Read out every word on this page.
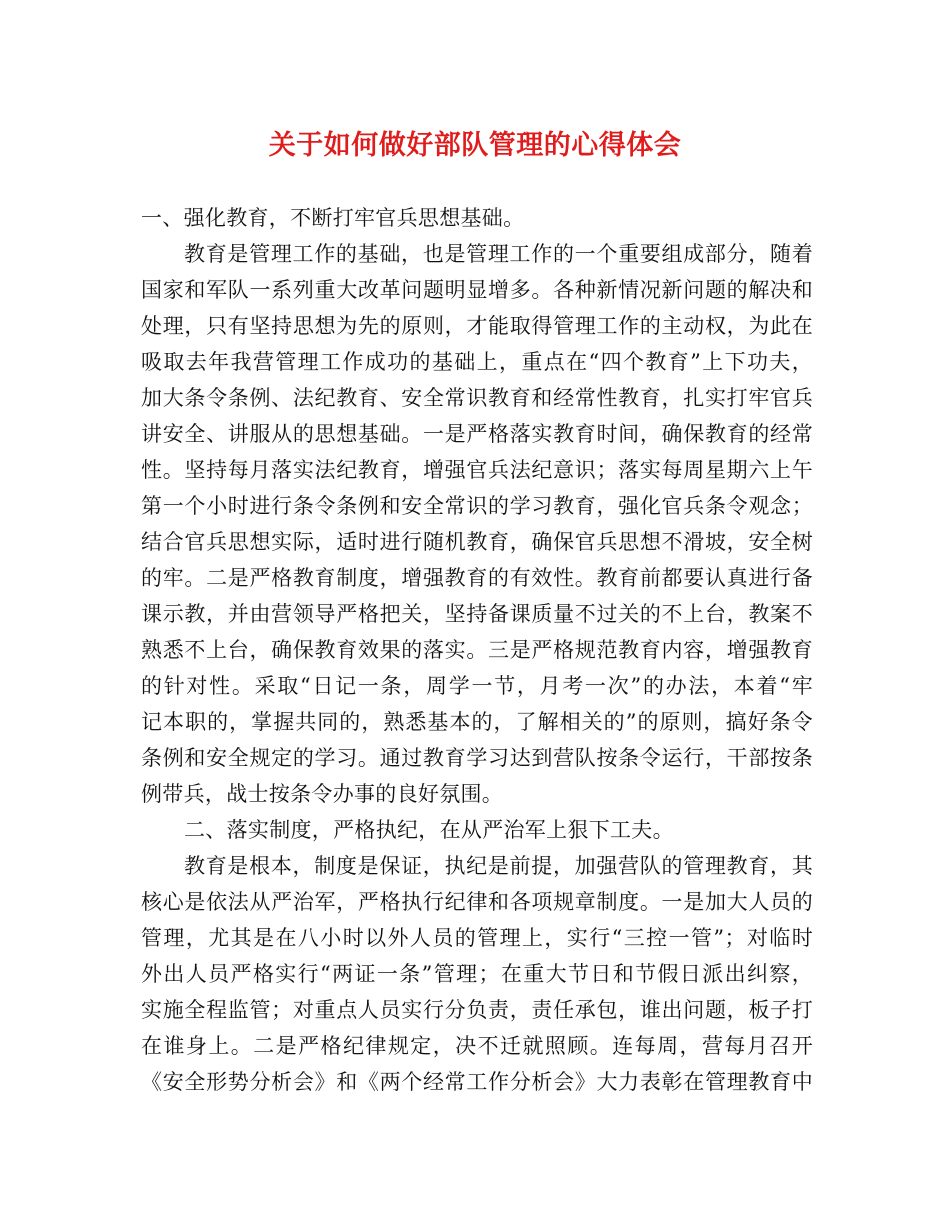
关于如何做好部队管理的心得体会
一、强化教育，不断打牢官兵思想基础。
教育是管理工作的基础，也是管理工作的一个重要组成部分，随着
国家和军队一系列重大改革问题明显增多。各种新情况新问题的解决和
处理，只有坚持思想为先的原则，才能取得管理工作的主动权，为此在
吸取去年我营管理工作成功的基础上，重点在“四个教育”上下功夫，
加大条令条例、法纪教育、安全常识教育和经常性教育，扎实打牢官兵
讲安全、讲服从的思想基础。一是严格落实教育时间，确保教育的经常
性。坚持每月落实法纪教育，增强官兵法纪意识；落实每周星期六上午
第一个小时进行条令条例和安全常识的学习教育，强化官兵条令观念；
结合官兵思想实际，适时进行随机教育，确保官兵思想不滑坡，安全树
的牢。二是严格教育制度，增强教育的有效性。教育前都要认真进行备
课示教，并由营领导严格把关，坚持备课质量不过关的不上台，教案不
熟悉不上台，确保教育效果的落实。三是严格规范教育内容，增强教育
的针对性。采取“日记一条，周学一节，月考一次”的办法，本着“牢
记本职的，掌握共同的，熟悉基本的，了解相关的”的原则，搞好条令
条例和安全规定的学习。通过教育学习达到营队按条令运行，干部按条
例带兵，战士按条令办事的良好氛围。
二、落实制度，严格执纪，在从严治军上狠下工夫。
教育是根本，制度是保证，执纪是前提，加强营队的管理教育，其
核心是依法从严治军，严格执行纪律和各项规章制度。一是加大人员的
管理，尤其是在八小时以外人员的管理上，实行“三控一管”；对临时
外出人员严格实行“两证一条”管理；在重大节日和节假日派出纠察，
实施全程监管；对重点人员实行分负责，责任承包，谁出问题，板子打
在谁身上。二是严格纪律规定，决不迁就照顾。连每周，营每月召开
《安全形势分析会》和《两个经常工作分析会》大力表彰在管理教育中
